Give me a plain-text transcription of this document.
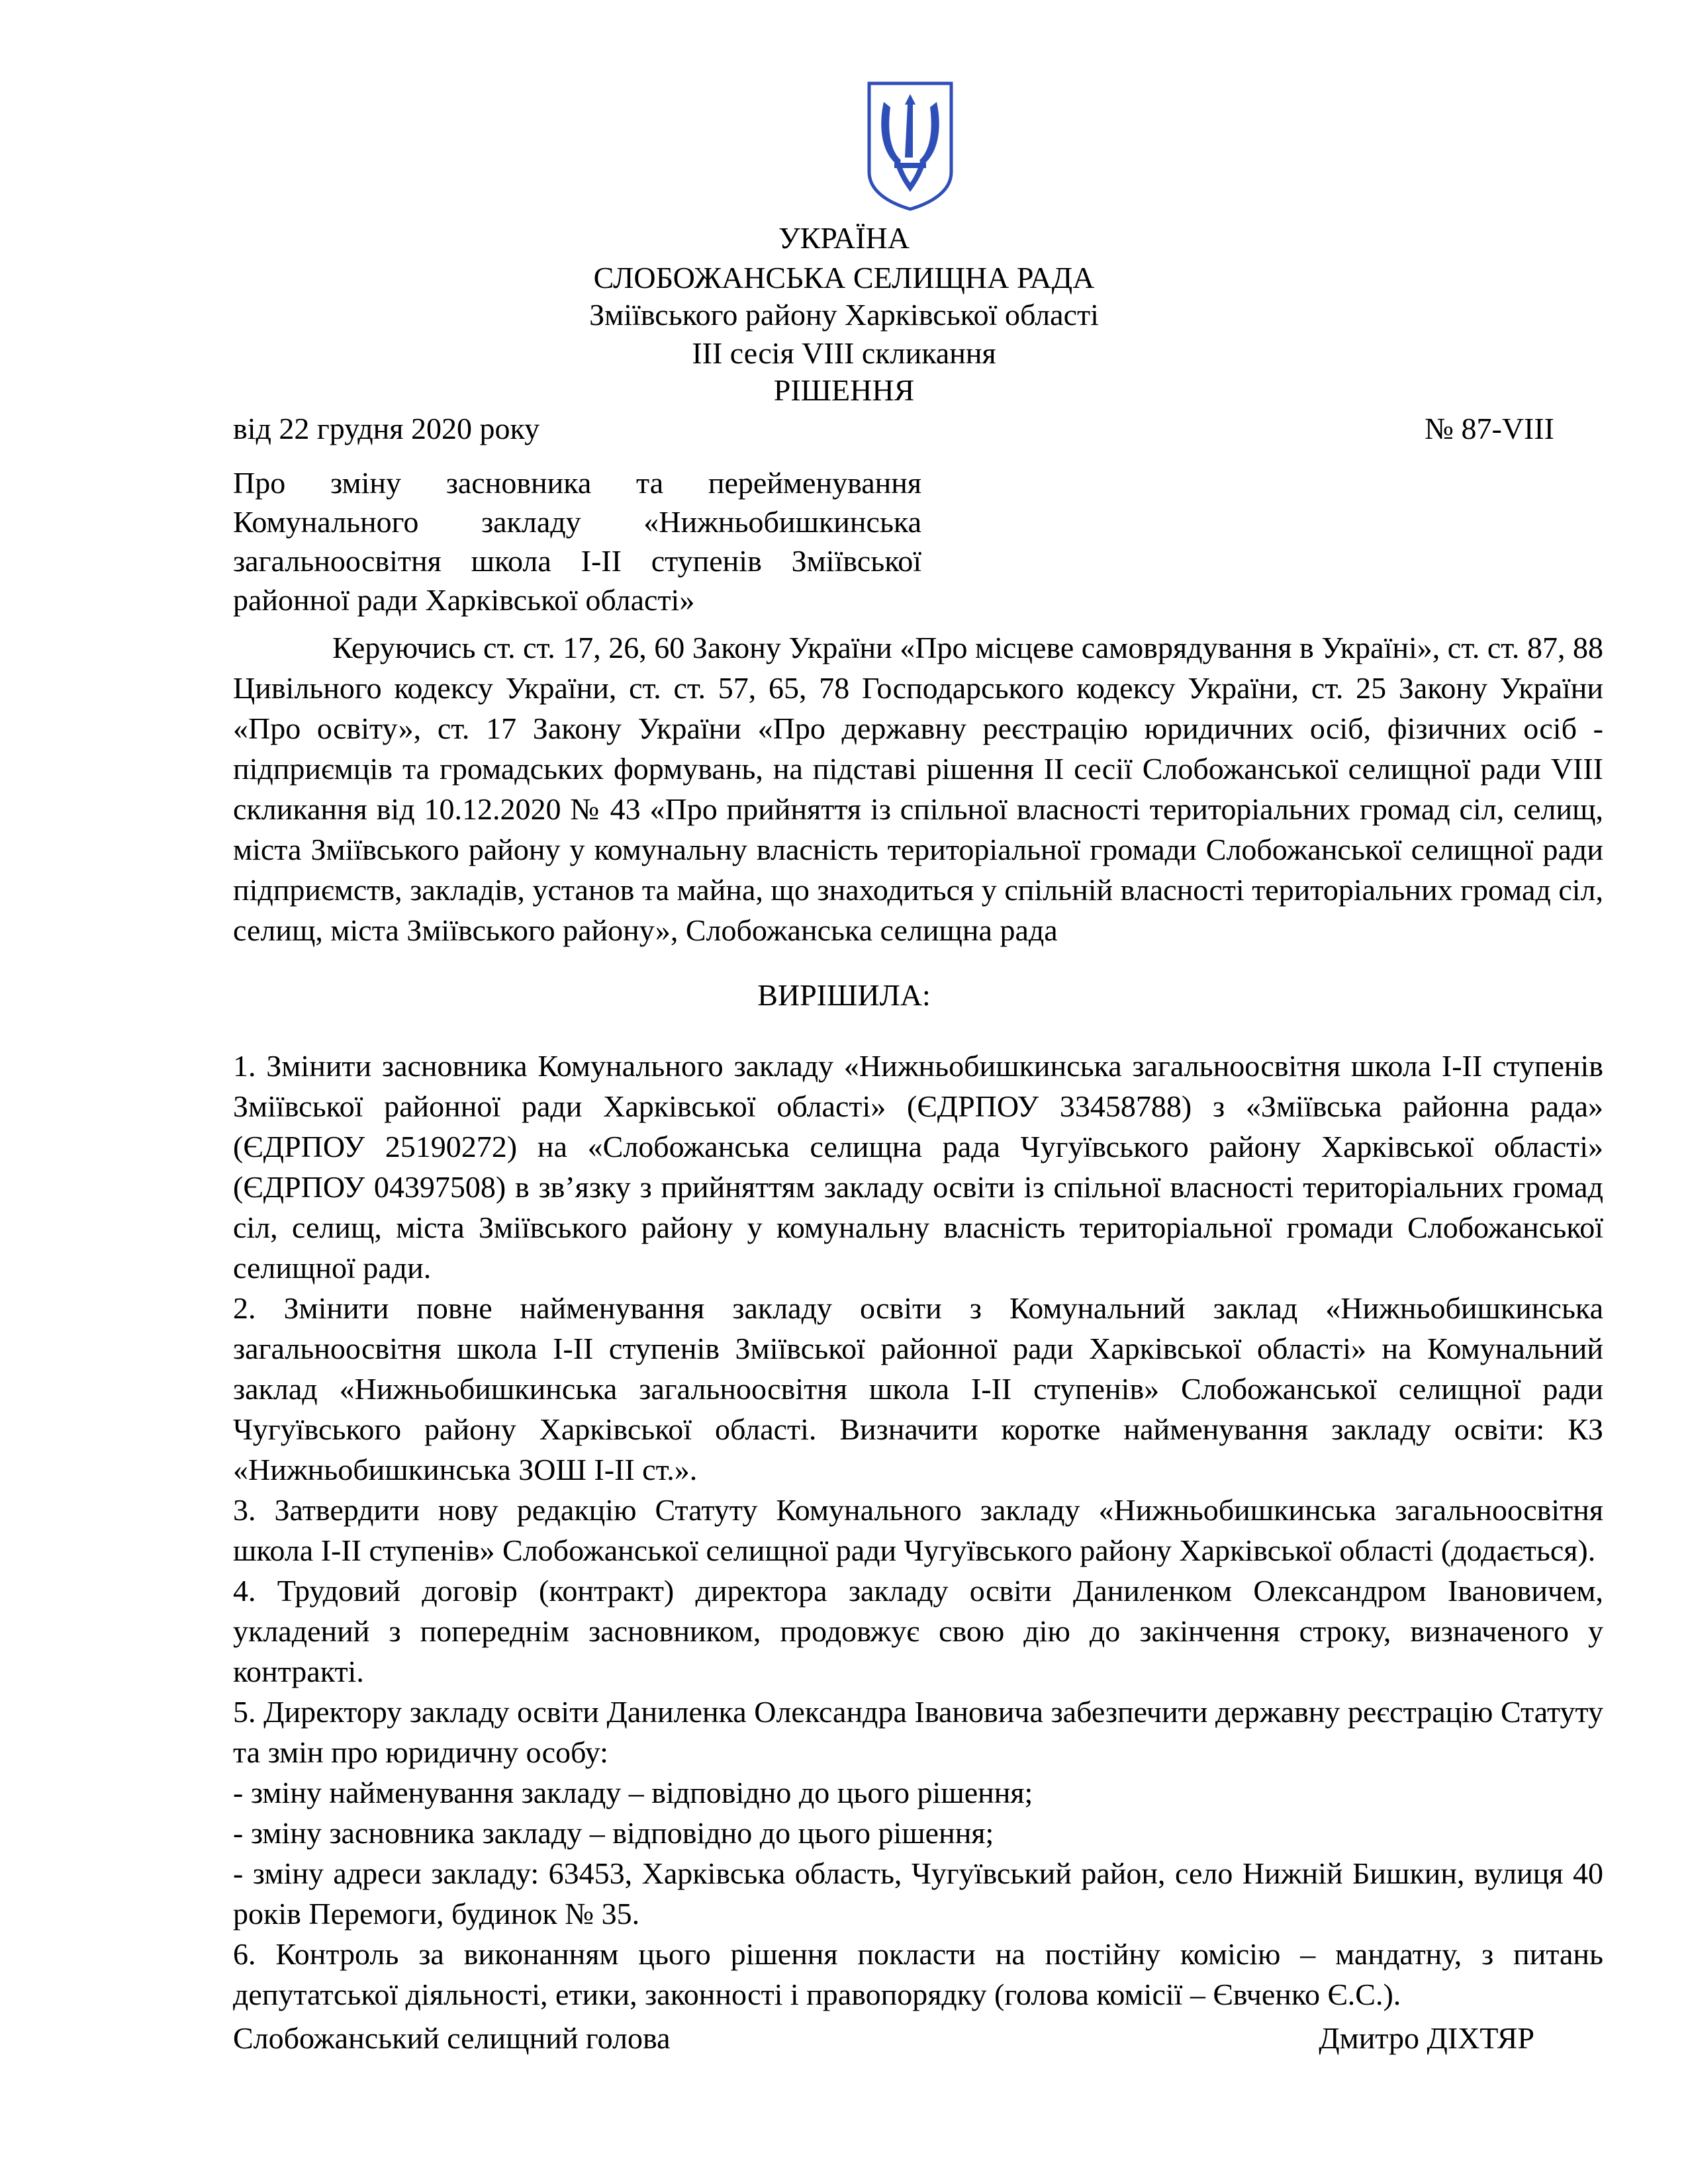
УКРАЇНА
СЛОБОЖАНСЬКА СЕЛИЩНА РАДА
Зміївського району Харківської області
ІІІ сесія VІІІ скликання
РІШЕННЯ
від 22 грудня 2020 року	№ 87-VІІІ
Про зміну засновника та перейменування Комунального закладу «Нижньобишкинська загальноосвітня школа І-ІІ ступенів Зміївської районної ради Харківської області»

Керуючись ст. ст. 17, 26, 60 Закону України «Про місцеве самоврядування в Україні», ст. ст. 87, 88 Цивільного кодексу України, ст. ст. 57, 65, 78 Господарського кодексу України, ст. 25 Закону України «Про освіту», ст. 17 Закону України «Про державну реєстрацію юридичних осіб, фізичних осіб - підприємців та громадських формувань, на підставі рішення ІІ сесії Слобожанської селищної ради VІІІ скликання від 10.12.2020 № 43 «Про прийняття із спільної власності територіальних громад сіл, селищ, міста Зміївського району у комунальну власність територіальної громади Слобожанської селищної ради підприємств, закладів, установ та майна, що знаходиться у спільній власності територіальних громад сіл, селищ, міста Зміївського району», Слобожанська селищна рада

ВИРІШИЛА:

1. Змінити засновника Комунального закладу «Нижньобишкинська загальноосвітня школа І-ІІ ступенів Зміївської районної ради Харківської області» (ЄДРПОУ 33458788) з «Зміївська районна рада» (ЄДРПОУ 25190272) на «Слобожанська селищна рада Чугуївського району Харківської області» (ЄДРПОУ 04397508) в зв’язку з прийняттям закладу освіти із спільної власності територіальних громад сіл, селищ, міста Зміївського району у комунальну власність територіальної громади Слобожанської селищної ради.

2. Змінити повне найменування закладу освіти з Комунальний заклад «Нижньобишкинська загальноосвітня школа І-ІІ ступенів Зміївської районної ради Харківської області» на Комунальний заклад «Нижньобишкинська загальноосвітня школа І-ІІ ступенів» Слобожанської селищної ради Чугуївського району Харківської області. Визначити коротке найменування закладу освіти: КЗ «Нижньобишкинська ЗОШ І-ІІ ст.».

3. Затвердити нову редакцію Статуту Комунального закладу «Нижньобишкинська загальноосвітня школа І-ІІ ступенів» Слобожанської селищної ради Чугуївського району Харківської області (додається).

4. Трудовий договір (контракт) директора закладу освіти Даниленком Олександром Івановичем, укладений з попереднім засновником, продовжує свою дію до закінчення строку, визначеного у контракті.

5. Директору закладу освіти Даниленка Олександра Івановича забезпечити державну реєстрацію Статуту та змін про юридичну особу:

- зміну найменування закладу – відповідно до цього рішення;

- зміну засновника закладу – відповідно до цього рішення;

- зміну адреси закладу: 63453, Харківська область, Чугуївський район, село Нижній Бишкин, вулиця 40 років Перемоги, будинок № 35.

6. Контроль за виконанням цього рішення покласти на постійну комісію – мандатну, з питань депутатської діяльності, етики, законності і правопорядку (голова комісії – Євченко Є.С.).

Слобожанський селищний голова	Дмитро ДІХТЯР
